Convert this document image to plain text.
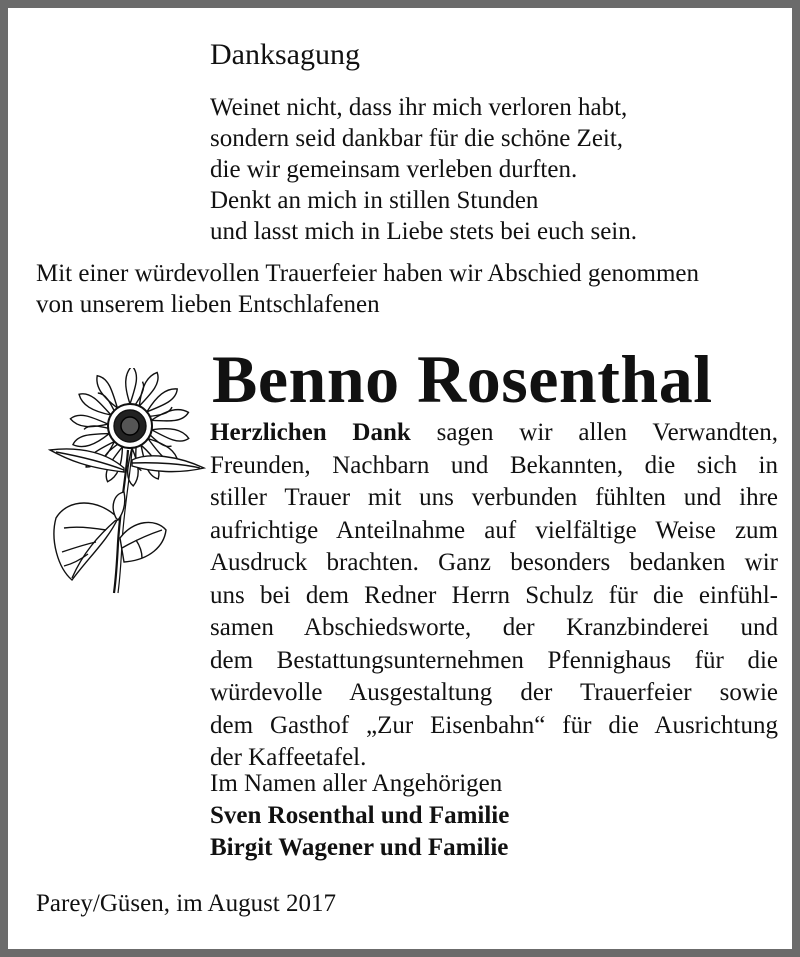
Danksagung
Weinet nicht, dass ihr mich verloren habt,
sondern seid dankbar für die schöne Zeit,
die wir gemeinsam verleben durften.
Denkt an mich in stillen Stunden
und lasst mich in Liebe stets bei euch sein.
Mit einer würdevollen Trauerfeier haben wir Abschied genommen
von unserem lieben Entschlafenen
Benno Rosenthal
Herzlichen Dank sagen wir allen Verwandten,
Freunden, Nachbarn und Bekannten, die sich in
stiller Trauer mit uns verbunden fühlten und ihre
aufrichtige Anteilnahme auf vielfältige Weise zum
Ausdruck brachten. Ganz besonders bedanken wir
uns bei dem Redner Herrn Schulz für die einfühl-
samen Abschiedsworte, der Kranzbinderei und
dem Bestattungsunternehmen Pfennighaus für die
würdevolle Ausgestaltung der Trauerfeier sowie
dem Gasthof „Zur Eisenbahn“ für die Ausrichtung
der Kaffeetafel.
Im Namen aller Angehörigen
Sven Rosenthal und Familie
Birgit Wagener und Familie
Parey/Güsen, im August 2017
